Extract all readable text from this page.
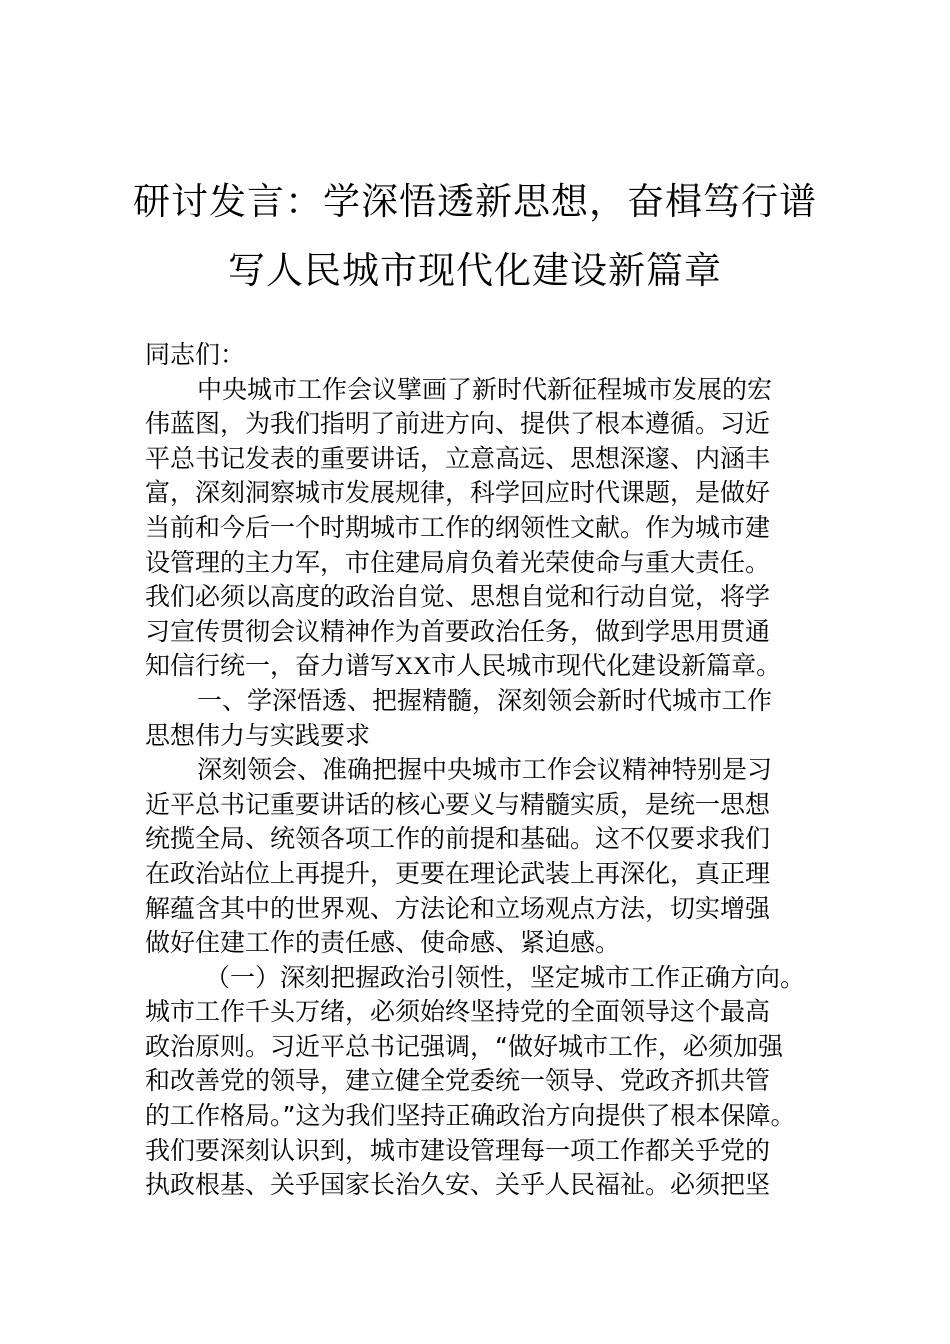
研讨发言：学深悟透新思想，奋楫笃行谱
写人民城市现代化建设新篇章
同志们：
中央城市工作会议擘画了新时代新征程城市发展的宏
伟蓝图，为我们指明了前进方向、提供了根本遵循。习近
平总书记发表的重要讲话，立意高远、思想深邃、内涵丰
富，深刻洞察城市发展规律，科学回应时代课题，是做好
当前和今后一个时期城市工作的纲领性文献。作为城市建
设管理的主力军，市住建局肩负着光荣使命与重大责任。
我们必须以高度的政治自觉、思想自觉和行动自觉，将学
习宣传贯彻会议精神作为首要政治任务，做到学思用贯通
知信行统一，奋力谱写XX市人民城市现代化建设新篇章。
一、学深悟透、把握精髓，深刻领会新时代城市工作
思想伟力与实践要求
深刻领会、准确把握中央城市工作会议精神特别是习
近平总书记重要讲话的核心要义与精髓实质，是统一思想
统揽全局、统领各项工作的前提和基础。这不仅要求我们
在政治站位上再提升，更要在理论武装上再深化，真正理
解蕴含其中的世界观、方法论和立场观点方法，切实增强
做好住建工作的责任感、使命感、紧迫感。
（一）深刻把握政治引领性，坚定城市工作正确方向。
城市工作千头万绪，必须始终坚持党的全面领导这个最高
政治原则。习近平总书记强调，“做好城市工作，必须加强
和改善党的领导，建立健全党委统一领导、党政齐抓共管
的工作格局。”这为我们坚持正确政治方向提供了根本保障。
我们要深刻认识到，城市建设管理每一项工作都关乎党的
执政根基、关乎国家长治久安、关乎人民福祉。必须把坚
